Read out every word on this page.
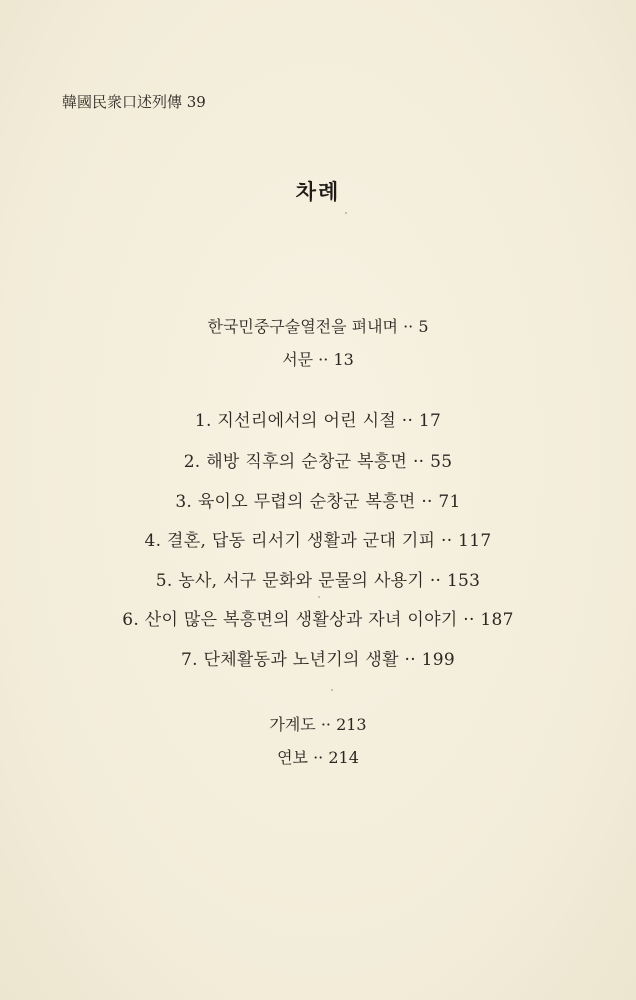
韓國民衆口述列傳 39
차례
한국민중구술열전을 펴내며 ·· 5
서문 ·· 13
1. 지선리에서의 어린 시절 ·· 17
2. 해방 직후의 순창군 복흥면 ·· 55
3. 육이오 무렵의 순창군 복흥면 ·· 71
4. 결혼, 답동 리서기 생활과 군대 기피 ·· 117
5. 농사, 서구 문화와 문물의 사용기 ·· 153
6. 산이 많은 복흥면의 생활상과 자녀 이야기 ·· 187
7. 단체활동과 노년기의 생활 ·· 199
가계도 ·· 213
연보 ·· 214
